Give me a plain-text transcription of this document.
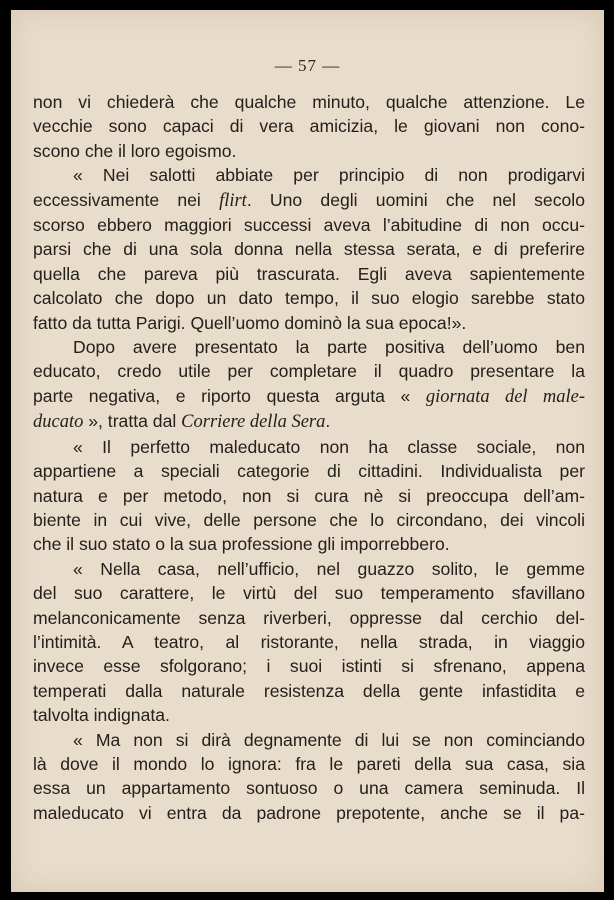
— 57 —
non vi chiederà che qualche minuto, qualche attenzione. Le
vecchie sono capaci di vera amicizia, le giovani non cono-
scono che il loro egoismo.
« Nei salotti abbiate per principio di non prodigarvi
eccessivamente nei flirt. Uno degli uomini che nel secolo
scorso ebbero maggiori successi aveva l’abitudine di non occu-
parsi che di una sola donna nella stessa serata, e di preferire
quella che pareva più trascurata. Egli aveva sapientemente
calcolato che dopo un dato tempo, il suo elogio sarebbe stato
fatto da tutta Parigi. Quell’uomo dominò la sua epoca!».
Dopo avere presentato la parte positiva dell’uomo ben
educato, credo utile per completare il quadro presentare la
parte negativa, e riporto questa arguta « giornata del male-
ducato », tratta dal Corriere della Sera.
« Il perfetto maleducato non ha classe sociale, non
appartiene a speciali categorie di cittadini. Individualista per
natura e per metodo, non si cura nè si preoccupa dell’am-
biente in cui vive, delle persone che lo circondano, dei vincoli
che il suo stato o la sua professione gli imporrebbero.
« Nella casa, nell’ufficio, nel guazzo solito, le gemme
del suo carattere, le virtù del suo temperamento sfavillano
melanconicamente senza riverberi, oppresse dal cerchio del-
l’intimità. A teatro, al ristorante, nella strada, in viaggio
invece esse sfolgorano; i suoi istinti si sfrenano, appena
temperati dalla naturale resistenza della gente infastidita e
talvolta indignata.
« Ma non si dirà degnamente di lui se non cominciando
là dove il mondo lo ignora: fra le pareti della sua casa, sia
essa un appartamento sontuoso o una camera seminuda. Il
maleducato vi entra da padrone prepotente, anche se il pa-
